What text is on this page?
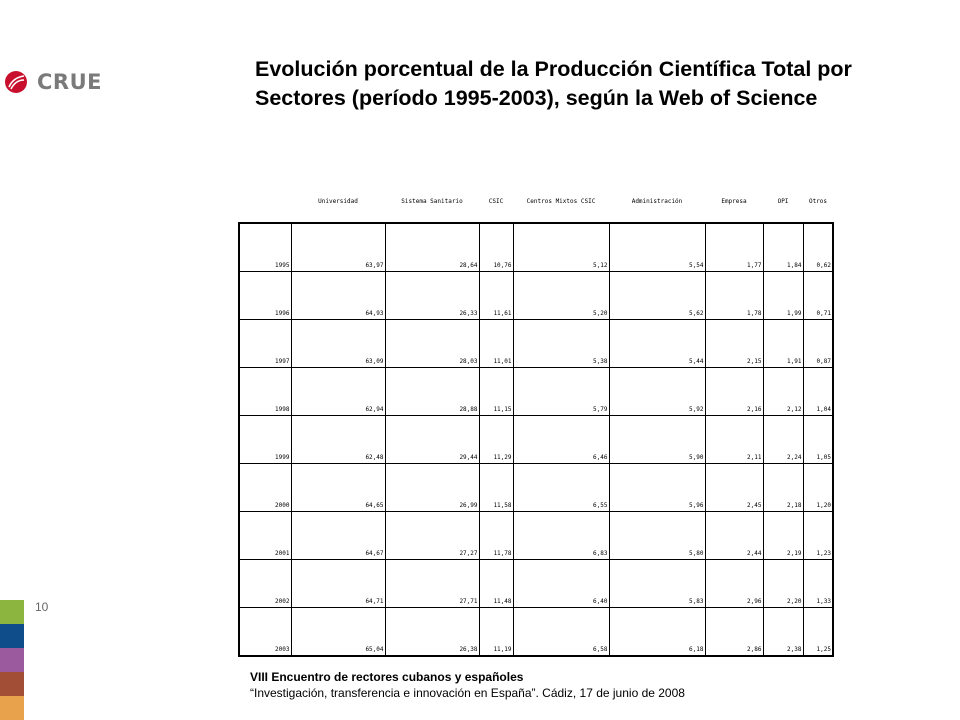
CRUE
Evolución porcentual de la Producción Científica Total por Sectores (período 1995-2003), según la Web of Science
	Universidad	Sistema Sanitario	CSIC	Centros Mixtos CSIC	Administración	Empresa	OPI	Otros
1995	63,97	28,64	10,76	5,12	5,54	1,77	1,84	0,62
1996	64,93	26,33	11,61	5,20	5,62	1,78	1,99	0,71
1997	63,09	28,03	11,01	5,38	5,44	2,15	1,91	0,87
1998	62,94	28,88	11,15	5,79	5,92	2,16	2,12	1,04
1999	62,48	29,44	11,29	6,46	5,90	2,11	2,24	1,05
2000	64,65	26,99	11,58	6,55	5,96	2,45	2,18	1,20
2001	64,67	27,27	11,78	6,83	5,80	2,44	2,19	1,23
2002	64,71	27,71	11,48	6,40	5,83	2,96	2,20	1,33
2003	65,04	26,38	11,19	6,58	6,18	2,86	2,38	1,25
10
VIII Encuentro de rectores cubanos y españoles
“Investigación, transferencia e innovación en España”. Cádiz, 17 de junio de 2008
